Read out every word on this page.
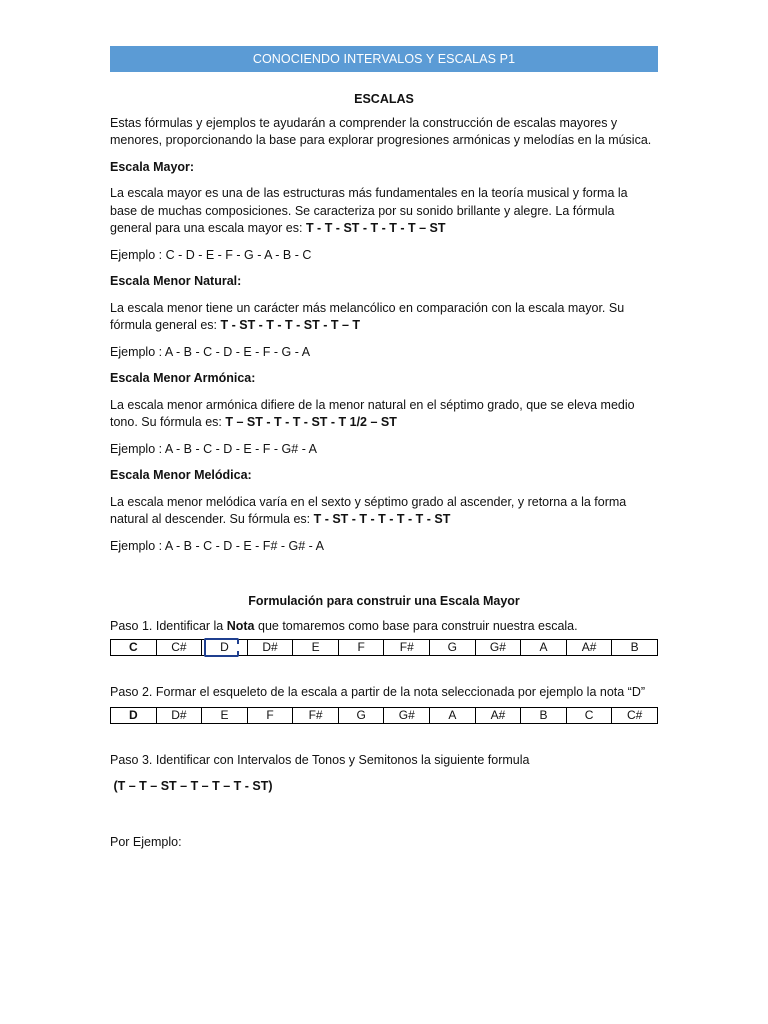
CONOCIENDO INTERVALOS Y ESCALAS P1
ESCALAS

Estas fórmulas y ejemplos te ayudarán a comprender la construcción de escalas mayores y menores, proporcionando la base para explorar progresiones armónicas y melodías en la música.

Escala Mayor:

La escala mayor es una de las estructuras más fundamentales en la teoría musical y forma la base de muchas composiciones. Se caracteriza por su sonido brillante y alegre. La fórmula general para una escala mayor es: T - T - ST - T - T - T – ST

Ejemplo : C - D - E - F - G - A - B - C

Escala Menor Natural:

La escala menor tiene un carácter más melancólico en comparación con la escala mayor. Su fórmula general es: T - ST - T - T - ST - T – T

Ejemplo : A - B - C - D - E - F - G - A

Escala Menor Armónica:

La escala menor armónica difiere de la menor natural en el séptimo grado, que se eleva medio tono. Su fórmula es: T – ST - T - T - ST - T 1/2 – ST

Ejemplo : A - B - C - D - E - F - G# - A

Escala Menor Melódica:

La escala menor melódica varía en el sexto y séptimo grado al ascender, y retorna a la forma natural al descender. Su fórmula es: T - ST - T - T - T - T - ST

Ejemplo : A - B - C - D - E - F# - G# - A

Formulación para construir una Escala Mayor

Paso 1. Identificar la Nota que tomaremos como base para construir nuestra escala.

C	C#	D	D#	E	F	F#	G	G#	A	A#	B

Paso 2. Formar el esqueleto de la escala a partir de la nota seleccionada por ejemplo la nota “D”

D	D#	E	F	F#	G	G#	A	A#	B	C	C#

Paso 3. Identificar con Intervalos de Tonos y Semitonos la siguiente formula

(T – T – ST – T – T – T - ST)

Por Ejemplo:
